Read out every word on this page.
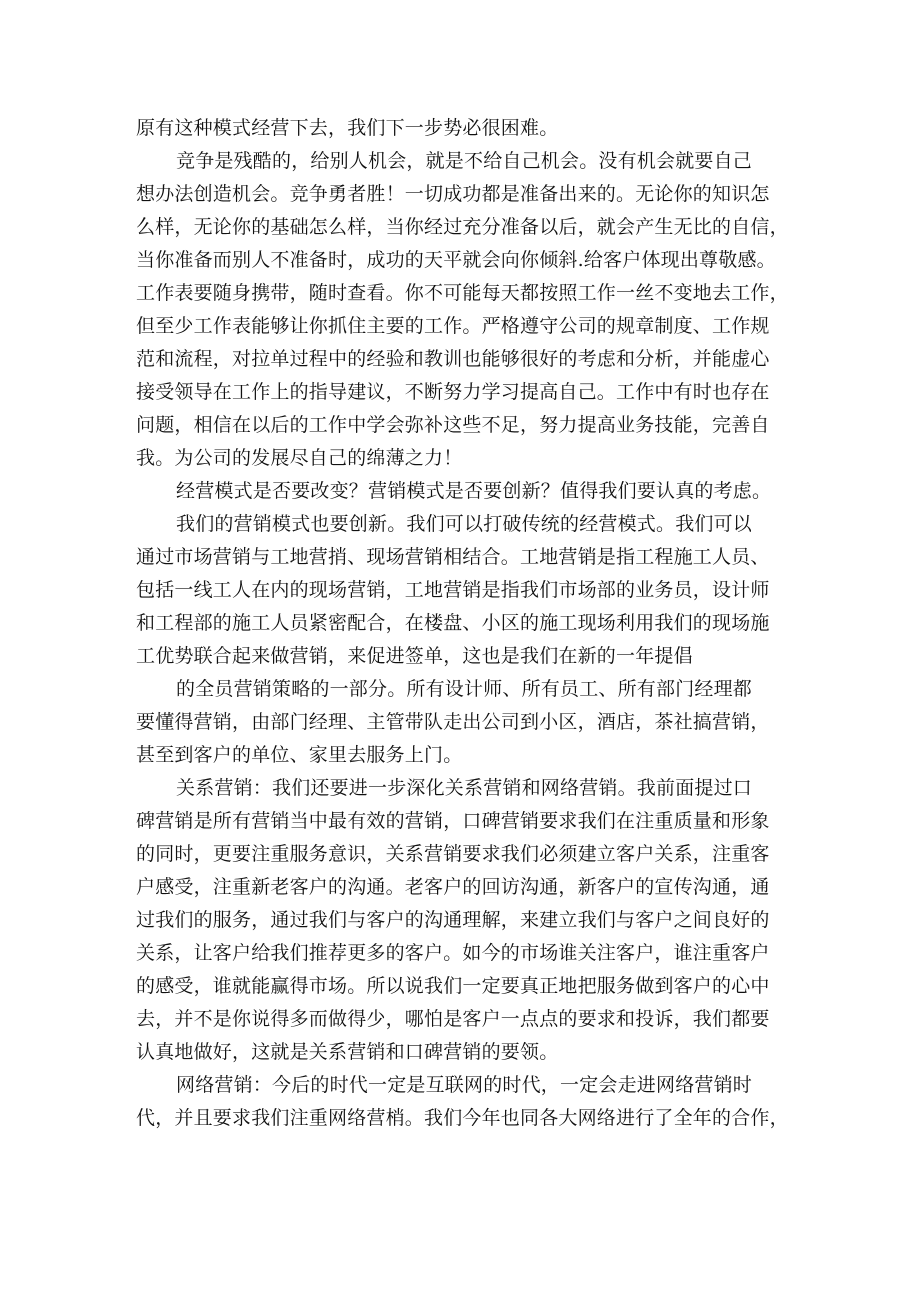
原有这种模式经营下去，我们下一步势必很困难。
竞争是残酷的，给别人机会，就是不给自己机会。没有机会就要自己
想办法创造机会。竞争勇者胜！一切成功都是准备出来的。无论你的知识怎
么样，无论你的基础怎么样，当你经过充分准备以后，就会产生无比的自信，
当你准备而别人不准备时，成功的天平就会向你倾斜.给客户体现出尊敬感。
工作表要随身携带，随时查看。你不可能每天都按照工作一丝不变地去工作，
但至少工作表能够让你抓住主要的工作。严格遵守公司的规章制度、工作规
范和流程，对拉单过程中的经验和教训也能够很好的考虑和分析，并能虚心
接受领导在工作上的指导建议，不断努力学习提高自己。工作中有时也存在
问题，相信在以后的工作中学会弥补这些不足，努力提高业务技能，完善自
我。为公司的发展尽自己的绵薄之力！
经营模式是否要改变？营销模式是否要创新？值得我们要认真的考虑。
我们的营销模式也要创新。我们可以打破传统的经营模式。我们可以
通过市场营销与工地营捎、现场营销相结合。工地营销是指工程施工人员、
包括一线工人在内的现场营销，工地营销是指我们市场部的业务员，设计师
和工程部的施工人员紧密配合，在楼盘、小区的施工现场利用我们的现场施
工优势联合起来做营销，来促进签单，这也是我们在新的一年提倡
的全员营销策略的一部分。所有设计师、所有员工、所有部门经理都
要懂得营销，由部门经理、主管带队走出公司到小区，酒店，茶社搞营销，
甚至到客户的单位、家里去服务上门。
关系营销：我们还要进一步深化关系营销和网络营销。我前面提过口
碑营销是所有营销当中最有效的营销，口碑营销要求我们在注重质量和形象
的同时，更要注重服务意识，关系营销要求我们必须建立客户关系，注重客
户感受，注重新老客户的沟通。老客户的回访沟通，新客户的宣传沟通，通
过我们的服务，通过我们与客户的沟通理解，来建立我们与客户之间良好的
关系，让客户给我们推荐更多的客户。如今的市场谁关注客户，谁注重客户
的感受，谁就能赢得市场。所以说我们一定要真正地把服务做到客户的心中
去，并不是你说得多而做得少，哪怕是客户一点点的要求和投诉，我们都要
认真地做好，这就是关系营销和口碑营销的要领。
网络营销：今后的时代一定是互联网的时代，一定会走进网络营销时
代，并且要求我们注重网络营梢。我们今年也同各大网络进行了全年的合作，
